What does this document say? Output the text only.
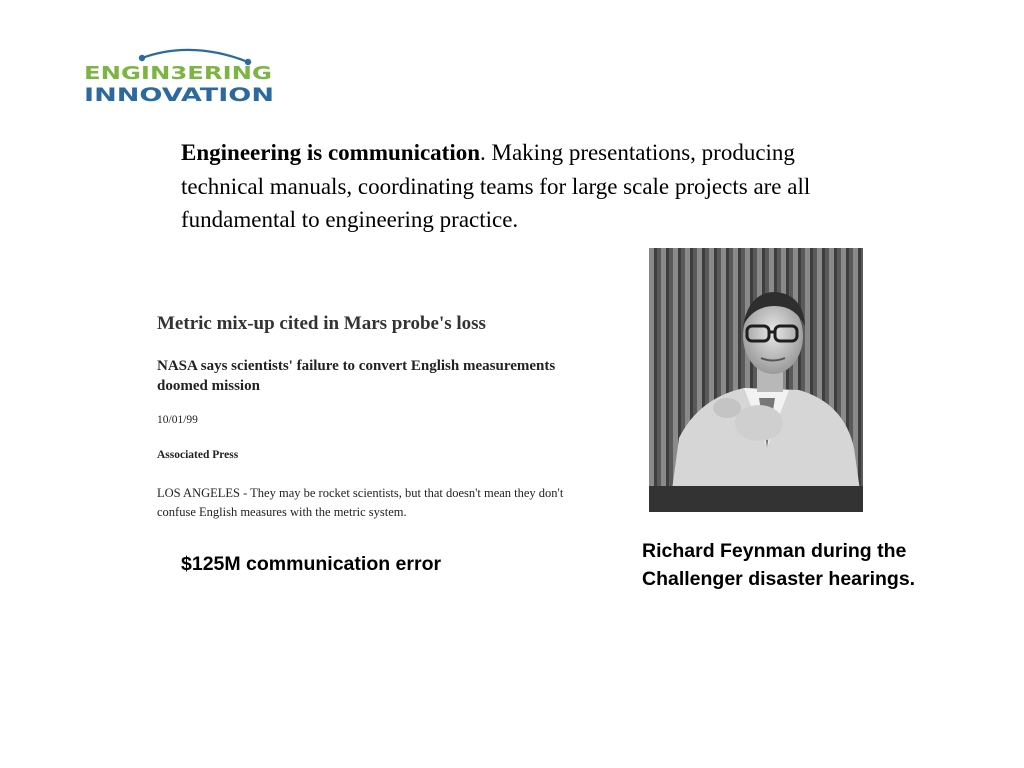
ENGIN3ERING
INNOVATION

Engineering is communication. Making presentations, producing technical manuals, coordinating teams for large scale projects are all fundamental to engineering practice.

Metric mix-up cited in Mars probe's loss
NASA says scientists' failure to convert English measurements doomed mission
10/01/99
Associated Press
LOS ANGELES - They may be rocket scientists, but that doesn't mean they don't confuse English measures with the metric system.

$125M communication error

Richard Feynman during the Challenger disaster hearings.
